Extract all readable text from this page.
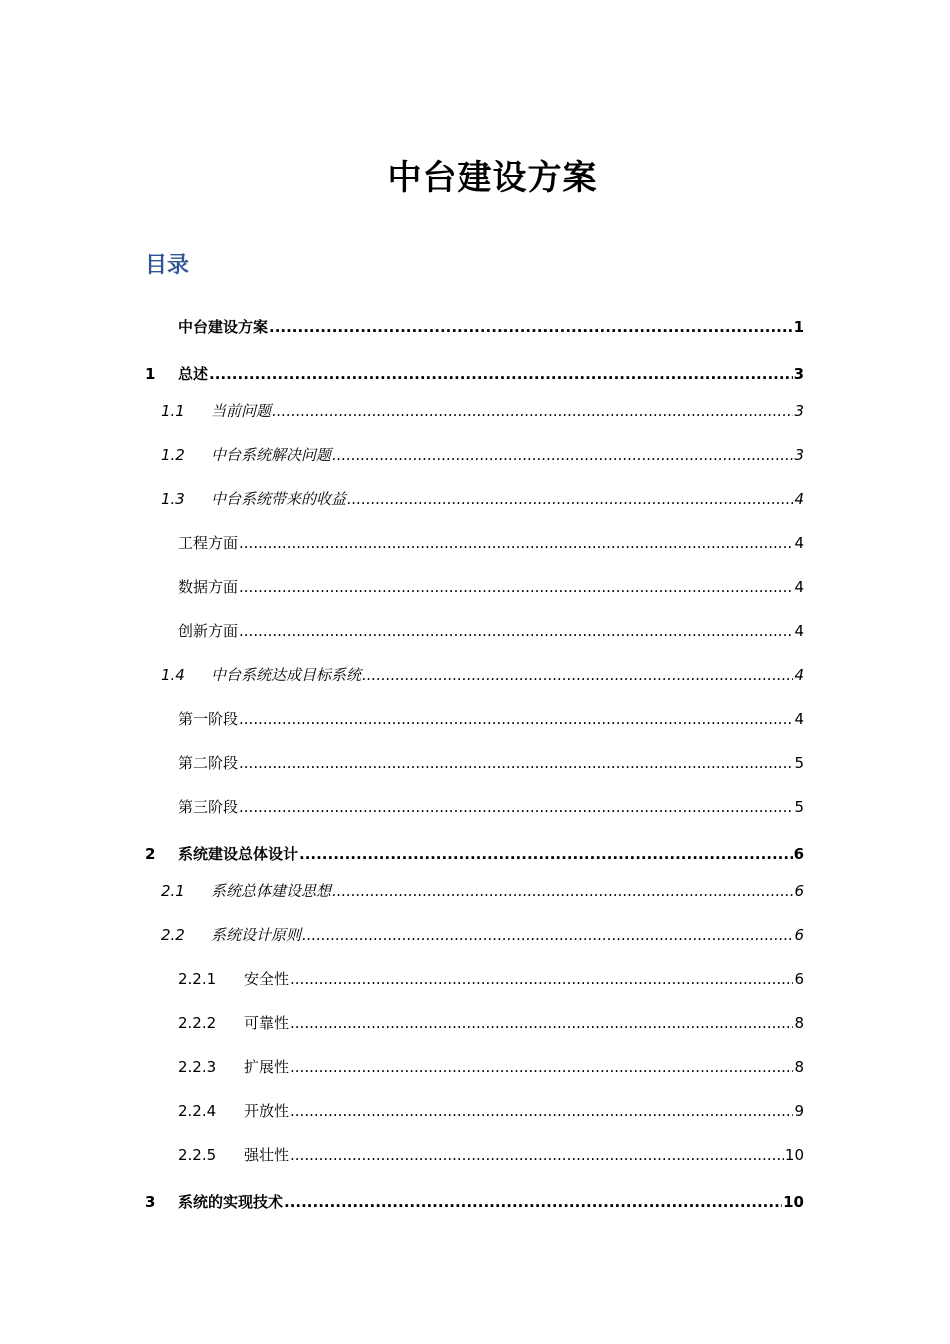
中台建设方案
目录
中台建设方案 .....	1
1	总述 .....	3
1.1	当前问题 .....	3
1.2	中台系统解决问题 .....	3
1.3	中台系统带来的收益 .....	4
工程方面 .....	4
数据方面 .....	4
创新方面 .....	4
1.4	中台系统达成目标系统 .....	4
第一阶段 .....	4
第二阶段 .....	5
第三阶段 .....	5
2	系统建设总体设计 .....	6
2.1	系统总体建设思想 .....	6
2.2	系统设计原则 .....	6
2.2.1	安全性 .....	6
2.2.2	可靠性 .....	8
2.2.3	扩展性 .....	8
2.2.4	开放性 .....	9
2.2.5	强壮性 .....	10
3	系统的实现技术 .....	10
